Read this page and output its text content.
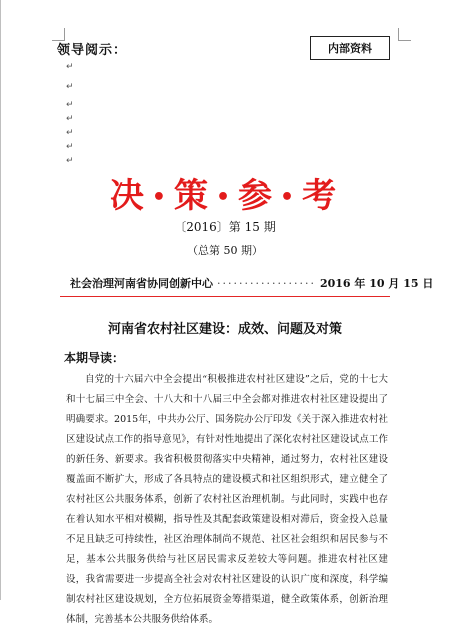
领导阅示：	内部资料
↵
↵
↵
↵
↵
↵
↵
决 • 策 • 参 • 考
〔2016〕第 15 期
（总第 50 期）
社会治理河南省协同创新中心 ·················· 2016 年 10 月 15 日
河南省农村社区建设：成效、问题及对策
本期导读：
自党的十六届六中全会提出“积极推进农村社区建设”之后，党的十七大和十七届三中全会、十八大和十八届三中全会都对推进农村社区建设提出了明确要求。2015年，中共办公厅、国务院办公厅印发《关于深入推进农村社区建设试点工作的指导意见》，有针对性地提出了深化农村社区建设试点工作的新任务、新要求。我省积极贯彻落实中央精神，通过努力，农村社区建设覆盖面不断扩大，形成了各具特点的建设模式和社区组织形式，建立健全了农村社区公共服务体系，创新了农村社区治理机制。与此同时，实践中也存在着认知水平相对模糊，指导性及其配套政策建设相对滞后，资金投入总量不足且缺乏可持续性，社区治理体制尚不规范、社区社会组织和居民参与不足，基本公共服务供给与社区居民需求反差较大等问题。推进农村社区建设，我省需要进一步提高全社会对农村社区建设的认识广度和深度，科学编制农村社区建设规划，全方位拓展资金筹措渠道，健全政策体系，创新治理体制，完善基本公共服务供给体系。
